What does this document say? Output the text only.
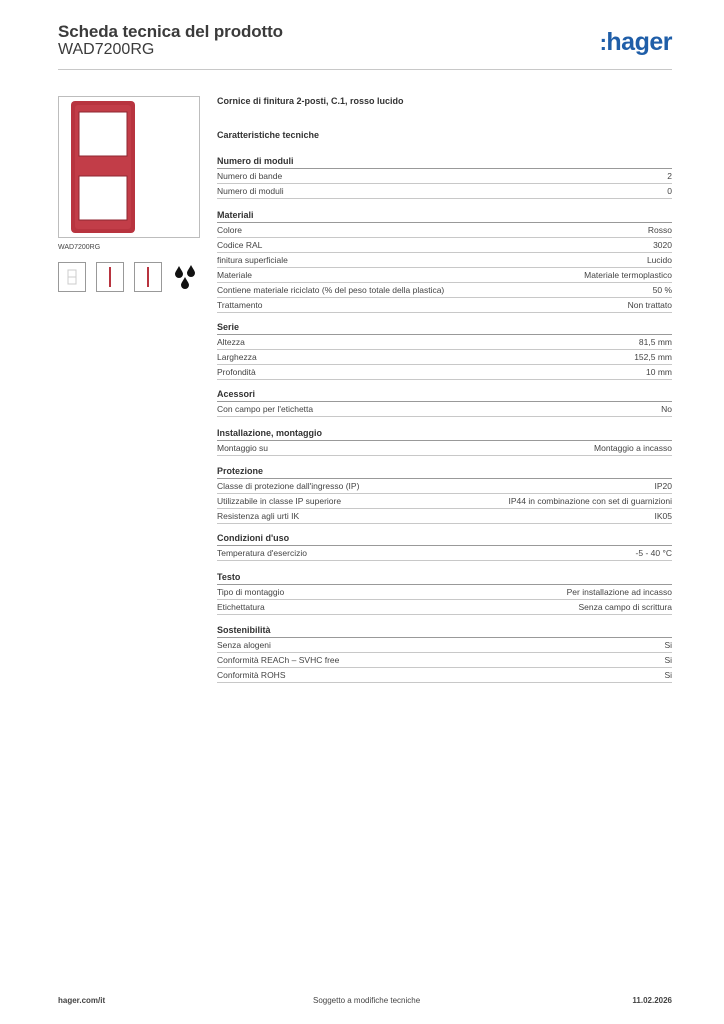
Scheda tecnica del prodotto
WAD7200RG	:hager
WAD7200RG
Cornice di finitura 2-posti, C.1, rosso lucido
Caratteristiche tecniche
Numero di moduli
Numero di bande	2
Numero di moduli	0
Materiali
Colore	Rosso
Codice RAL	3020
finitura superficiale	Lucido
Materiale	Materiale termoplastico
Contiene materiale riciclato (% del peso totale della plastica)	50 %
Trattamento	Non trattato
Serie
Altezza	81,5 mm
Larghezza	152,5 mm
Profondità	10 mm
Acessori
Con campo per l'etichetta	No
Installazione, montaggio
Montaggio su	Montaggio a incasso
Protezione
Classe di protezione dall'ingresso (IP)	IP20
Utilizzabile in classe IP superiore	IP44 in combinazione con set di guarnizioni
Resistenza agli urti IK	IK05
Condizioni d'uso
Temperatura d'esercizio	-5 - 40 °C
Testo
Tipo di montaggio	Per installazione ad incasso
Etichettatura	Senza campo di scrittura
Sostenibilità
Senza alogeni	Si
Conformità REACh – SVHC free	Si
Conformità ROHS	Si
hager.com/it	Soggetto a modifiche tecniche	11.02.2026
